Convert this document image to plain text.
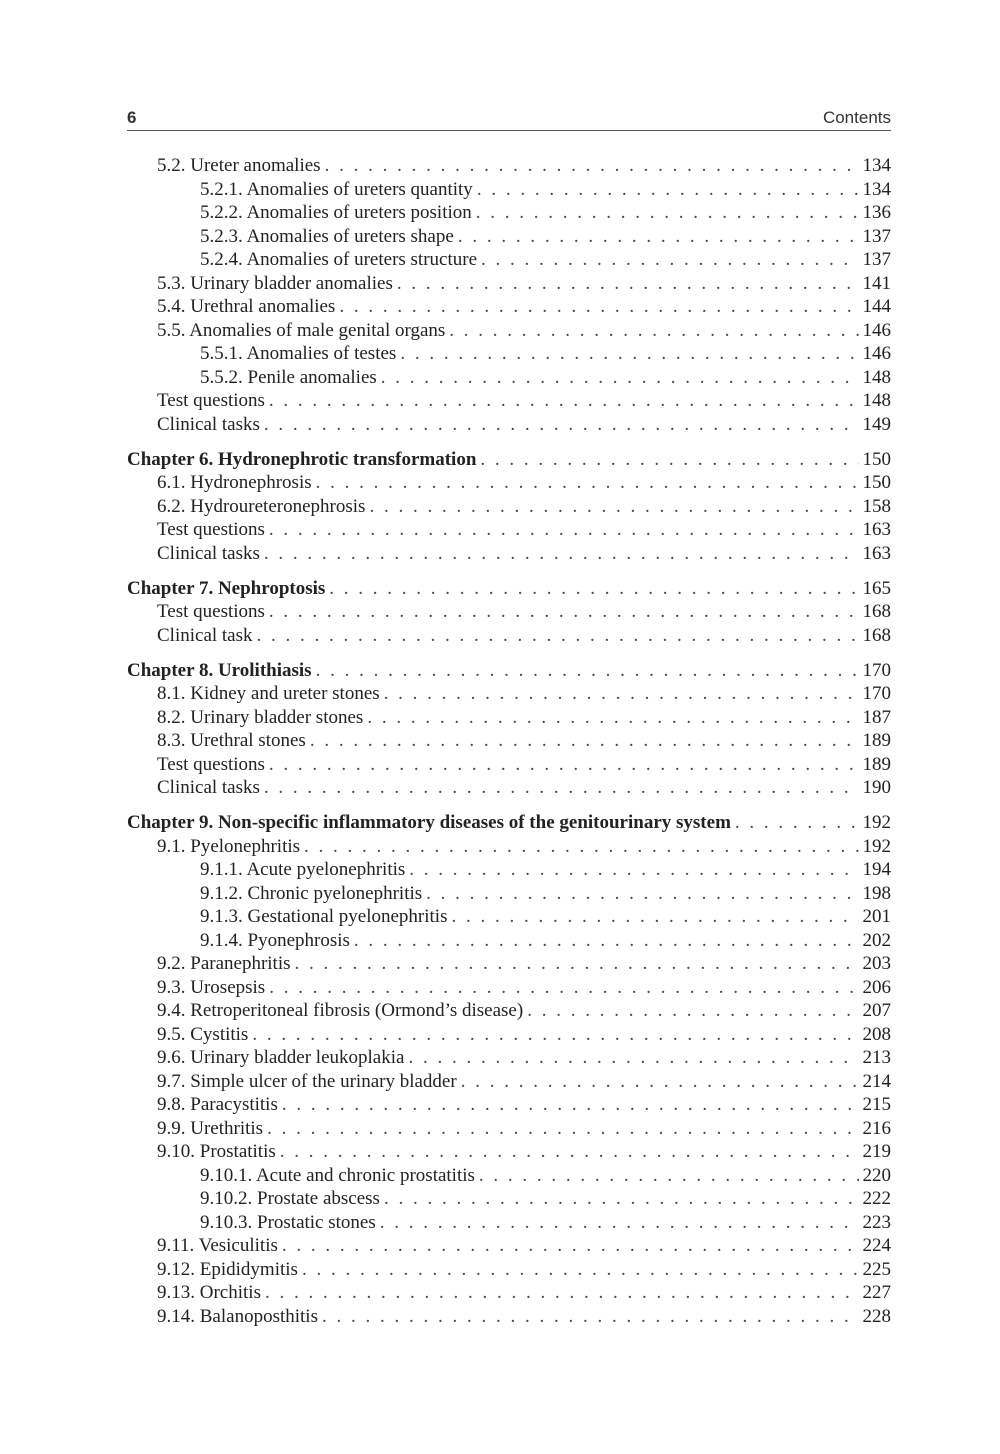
6	Contents
5.2. Ureter anomalies . . .	134
5.2.1. Anomalies of ureters quantity . . .	134
5.2.2. Anomalies of ureters position . . .	136
5.2.3. Anomalies of ureters shape . . .	137
5.2.4. Anomalies of ureters structure . . .	137
5.3. Urinary bladder anomalies . . .	141
5.4. Urethral anomalies . . .	144
5.5. Anomalies of male genital organs . . .	146
5.5.1. Anomalies of testes . . .	146
5.5.2. Penile anomalies . . .	148
Test questions . . .	148
Clinical tasks . . .	149
Chapter 6. Hydronephrotic transformation . . .	150
6.1. Hydronephrosis . . .	150
6.2. Hydroureteronephrosis . . .	158
Test questions . . .	163
Clinical tasks . . .	163
Chapter 7. Nephroptosis . . .	165
Test questions . . .	168
Clinical task . . .	168
Chapter 8. Urolithiasis . . .	170
8.1. Kidney and ureter stones . . .	170
8.2. Urinary bladder stones . . .	187
8.3. Urethral stones . . .	189
Test questions . . .	189
Clinical tasks . . .	190
Chapter 9. Non-specific inflammatory diseases of the genitourinary system . . .	192
9.1. Pyelonephritis . . .	192
9.1.1. Acute pyelonephritis . . .	194
9.1.2. Chronic pyelonephritis . . .	198
9.1.3. Gestational pyelonephritis . . .	201
9.1.4. Pyonephrosis . . .	202
9.2. Paranephritis . . .	203
9.3. Urosepsis . . .	206
9.4. Retroperitoneal fibrosis (Ormond’s disease) . . .	207
9.5. Cystitis . . .	208
9.6. Urinary bladder leukoplakia . . .	213
9.7. Simple ulcer of the urinary bladder . . .	214
9.8. Paracystitis . . .	215
9.9. Urethritis . . .	216
9.10. Prostatitis . . .	219
9.10.1. Acute and chronic prostatitis . . .	220
9.10.2. Prostate abscess . . .	222
9.10.3. Prostatic stones . . .	223
9.11. Vesiculitis . . .	224
9.12. Epididymitis . . .	225
9.13. Orchitis . . .	227
9.14. Balanoposthitis . . .	228
